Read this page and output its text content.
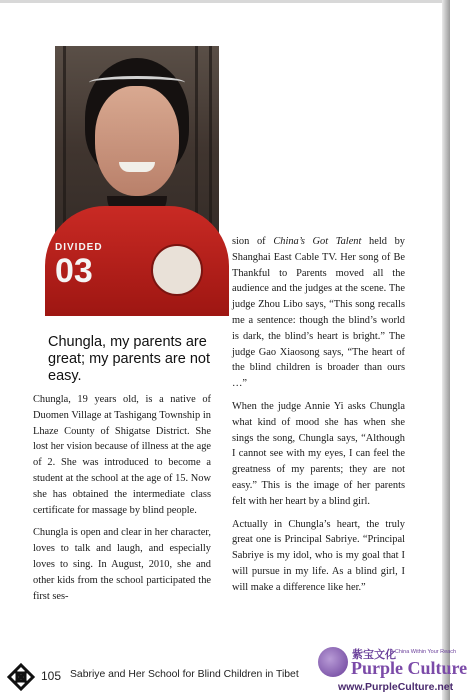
DIVIDED
03
Chungla, my parents are great; my parents are not easy.

Chungla, 19 years old, is a native of Duomen Village at Tashigang Township in Lhaze County of Shigatse District. She lost her vision because of illness at the age of 2. She was introduced to become a student at the school at the age of 15. Now she has obtained the intermediate class certificate for massage by blind people.

Chungla is open and clear in her character, loves to talk and laugh, and especially loves to sing. In August, 2010, she and other kids from the school participated the first ses-

sion of China’s Got Talent held by Shanghai East Cable TV. Her song of Be Thankful to Parents moved all the audience and the judges at the scene. The judge Zhou Libo says, “This song recalls me a sentence: though the blind’s world is dark, the blind’s heart is bright.” The judge Gao Xiaosong says, “The heart of the blind children is broader than ours …”

When the judge Annie Yi asks Chungla what kind of mood she has when she sings the song, Chungla says, “Although I cannot see with my eyes, I can feel the greatness of my parents; they are not easy.” This is the image of her parents felt with her heart by a blind girl.

Actually in Chungla’s heart, the truly great one is Principal Sabriye. “Principal Sabriye is my idol, who is my goal that I will pursue in my life. As a blind girl, I will make a difference like her.”

105 Sabriye and Her School for Blind Children in Tibet
紫宝文化
A China Within Your Reach
Purple Culture
www.PurpleCulture.net
